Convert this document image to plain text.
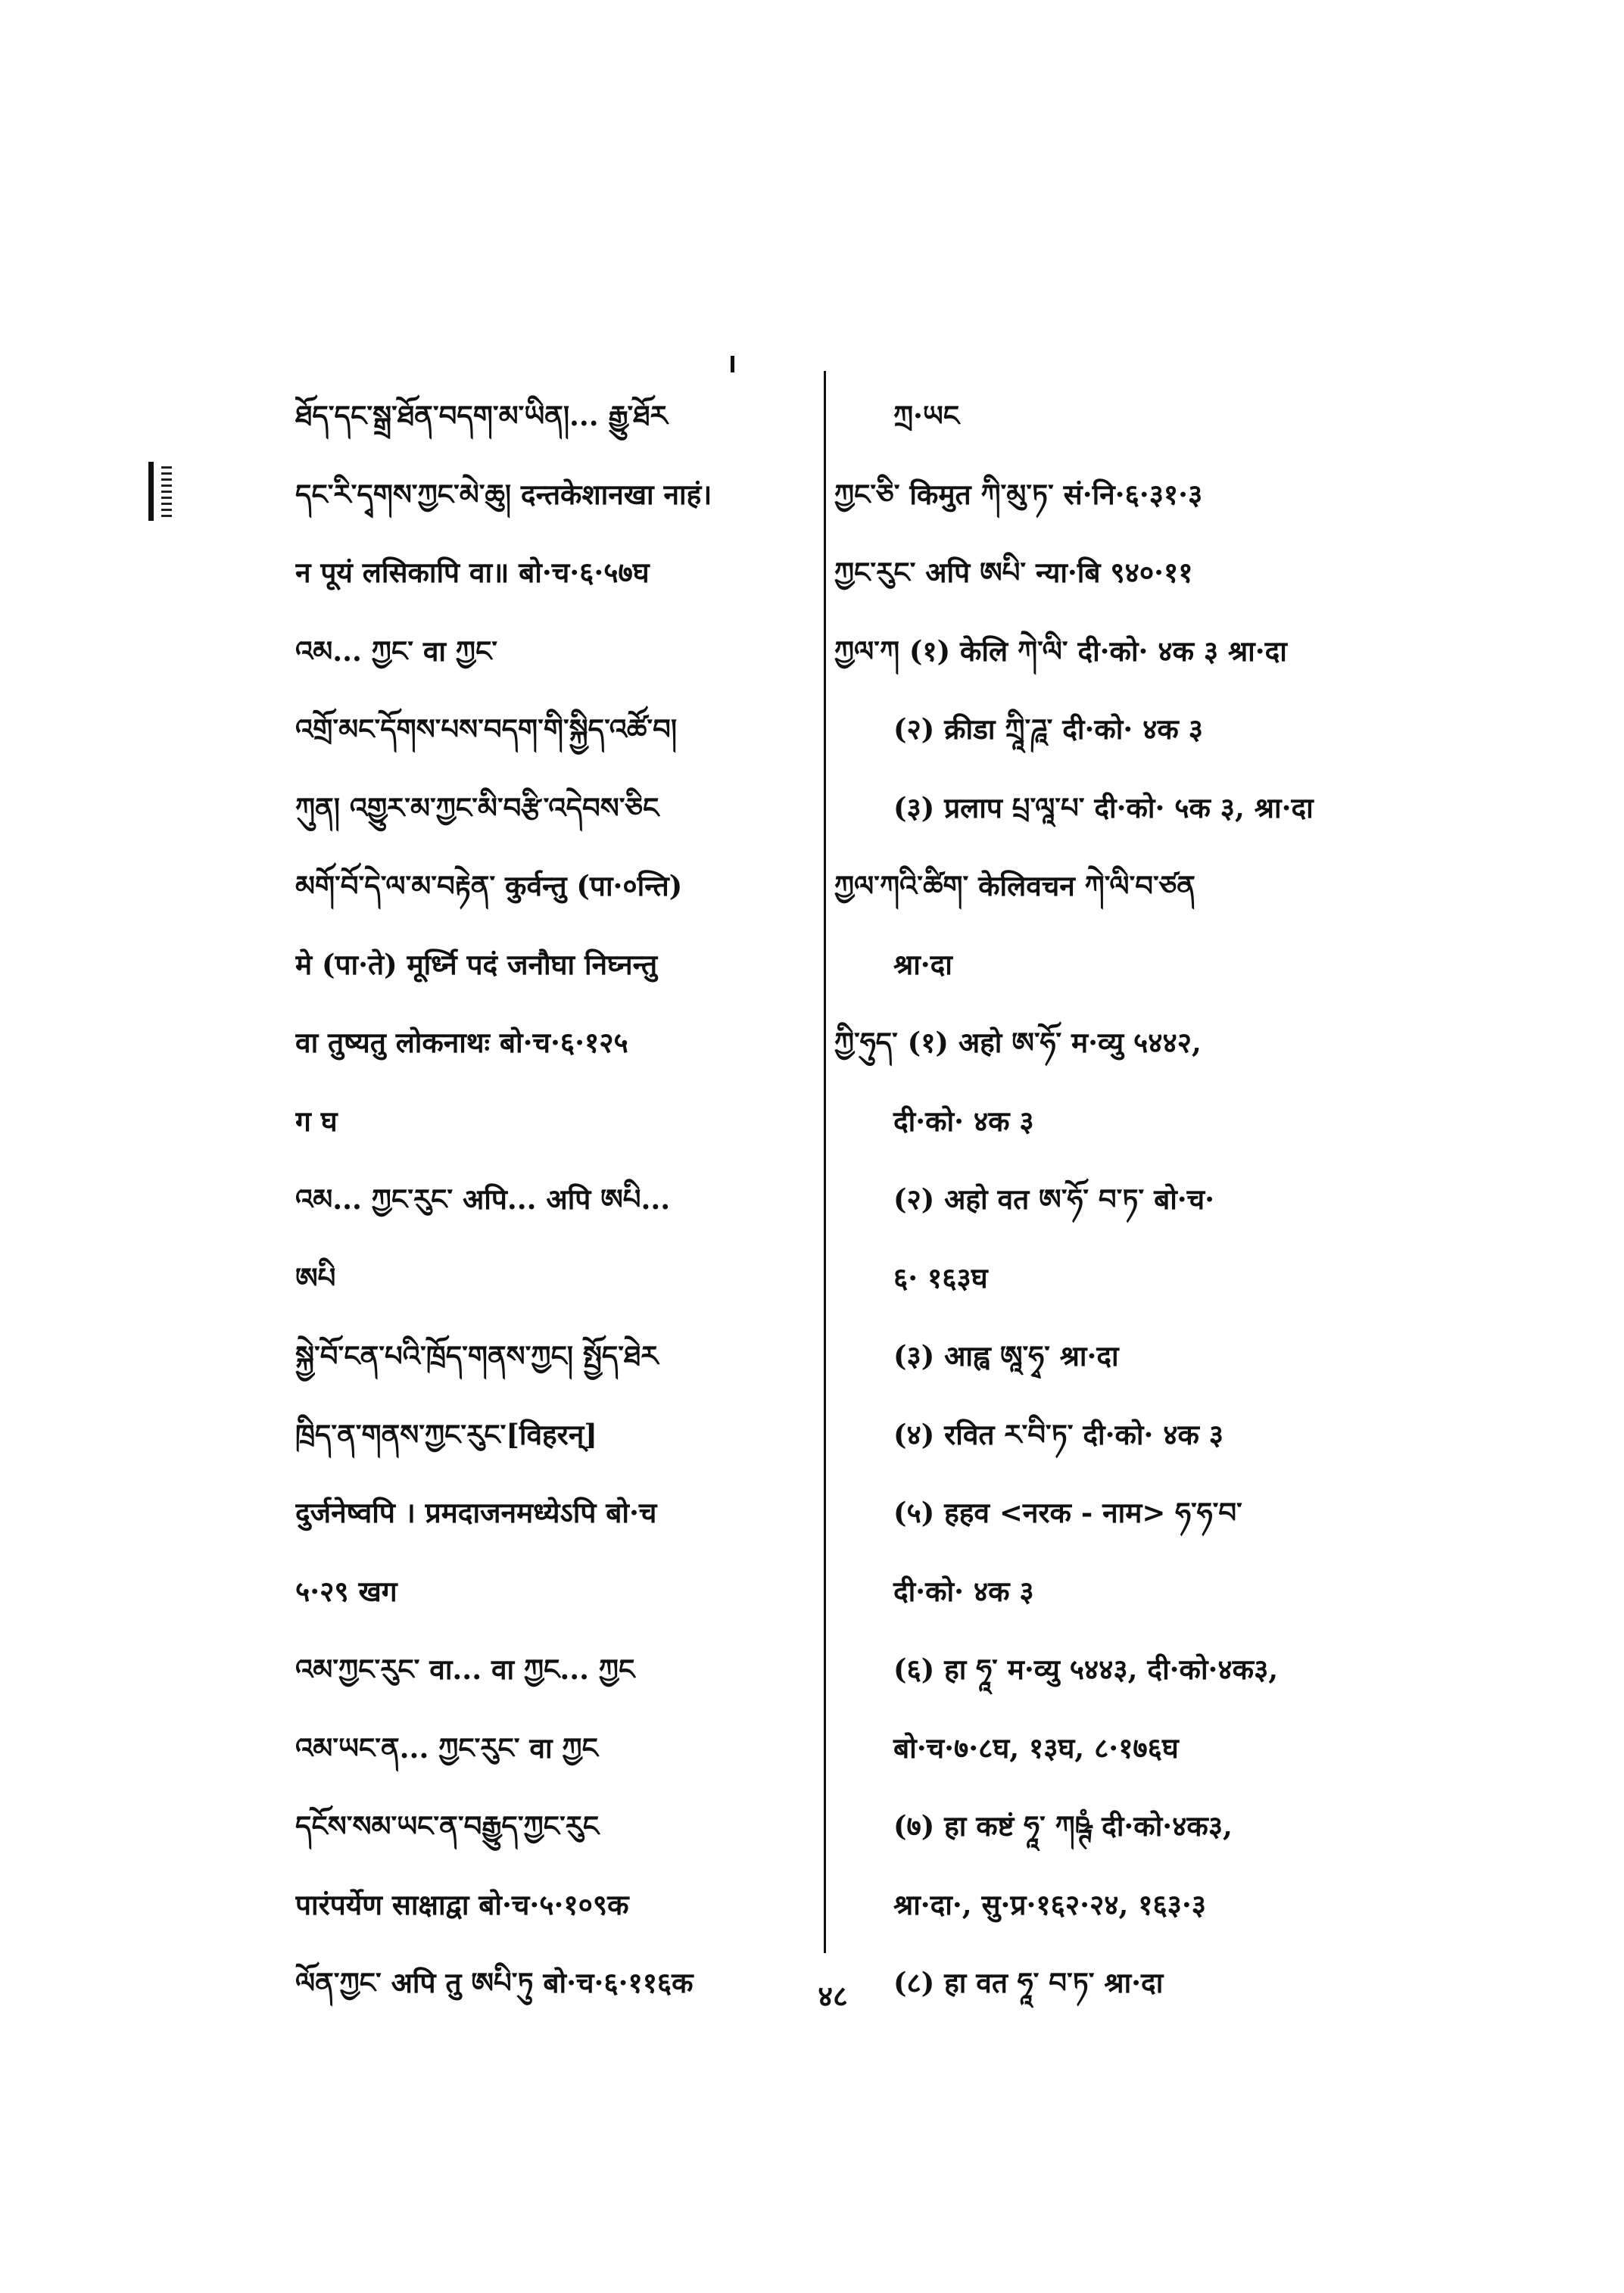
ཐོད་དང་སྒྲ་ཐོན་བདག་མ་ཡིན།... རྒྱུ་ཐོར
དང་རི་དྭགས་ཀྱང་མེ་ཆུ། दन्तकेशानखा नाहं।
न पूयं लसिकापि वा॥ बो·च·६·५७घ
འམ... ཀྱང་ वा ཀྱང་
འགྲོ་མང་དོགས་པས་བདག་གི་སྐྱིད་འཚོ་བ།
ཀུན། འགྱུར་མ་ཀྱང་མི་བརྩི་འདེབས་ཅིང
མགོ་བོ་དེ་ལ་མ་བརྟེན་ कुर्वन्तु (पा·०न्ति)
मे (पा·ते) मूर्ध्नि पदं जनौघा निघ्नन्तु
वा तुष्यतु लोकनाथः बो·च·६·१२५
ग घ
འམ... ཀྱང་རུང་ अपि... अपि ཨཔི...
ཨཔི
སྐྱེ་བོ་ངན་པའི་ཁྲོད་གནས་ཀྱང། སྤྱོད་ཐེར
ཁྲིད་ན་གནས་ཀྱང་རུང་[विहरन्]
दुर्जनेष्वपि । प्रमदाजनमध्येऽपि बो·च
५·२९ खग
འམ་ཀྱང་རུང་ वा... वा ཀྱང... ཀྱང
འམ་ཡང་ན... ཀྱང་རུང་ वा ཀྱང
དངོས་སམ་ཡང་ན་བརྒྱུད་ཀྱང་རུང
पारंपर्येण साक्षाद्वा बो·च·५·१०९क
ལོན་ཀྱང་ अपि तु ཨཔི་ཏུ बो·च·६·११६क
ཀྲ·ཡང
ཀྱང་ཅི་ किमुत ཀི་མུ་ཏ་ सं·नि·६·३१·३
ཀྱང་རུང་ अपि ཨཔི་ न्या·बि ९४०·११
ཀྱལ་ཀ (१) केलि ཀེ་ལི་ दी·को· ४क ३ श्रा·दा
(२) क्रीडा ཀྲཱི་ཌཱ་ दी·को· ४क ३
(३) प्रलाप པྲ་ལཱ་པ་ दी·को· ५क ३, श्रा·दा
ཀྱལ་ཀའི་ཚིག་ केलिवचन ཀེ་ལི་བ་ཙན
श्रा·दा
ཀྱི་ཧུད་ (१) अहो ཨ་ཧོ་ म·व्यु ५४४२,
दी·को· ४क ३
(२) अहो वत ཨ་ཧོ་ བ་ཏ་ बो·च·
६· १६३घ
(३) आह्व ཨཱ་ཧྭ་ श्रा·दा
(४) रवित ར་བི་ཏ་ दी·को· ४क ३
(५) हहव <नरक - नाम> ཧ་ཧ་བ་
दी·को· ४क ३
(६) हा ཧཱ་ म·व्यु ५४४३, दी·को·४क३,
बो·च·७·८घ, १३घ, ८·१७६घ
(७) हा कष्टं ཧཱ་ ཀཥྚཾ दी·को·४क३,
श्रा·दा·, सु·प्र·१६२·२४, १६३·३
(८) हा वत ཧཱ་ བ་ཏ་ श्रा·दा
४८
